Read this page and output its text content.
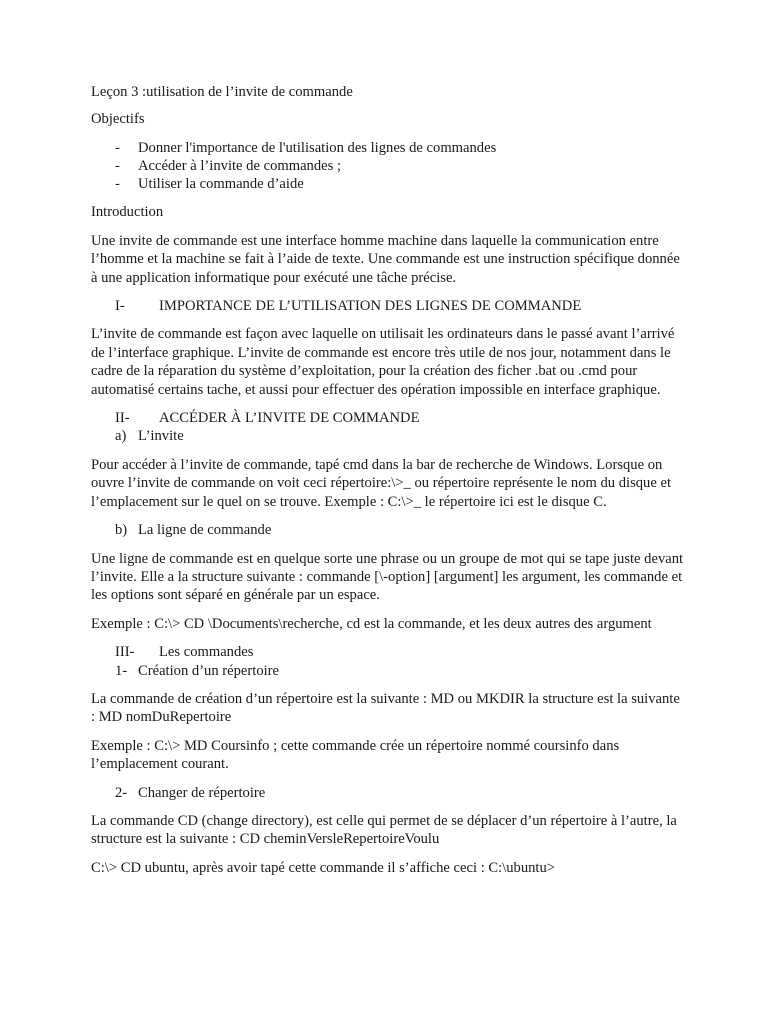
Leçon 3 :utilisation de l’invite de commande

Objectifs

- Donner l'importance de l'utilisation des lignes de commandes
- Accéder à l’invite de commandes ;
- Utiliser la commande d’aide

Introduction

Une invite de commande est une interface homme machine dans laquelle la communication entre l’homme et la machine se fait à l’aide de texte. Une commande est une instruction spécifique donnée à une application informatique pour exécuté une tâche précise.

I- IMPORTANCE DE L’UTILISATION DES LIGNES DE COMMANDE

L’invite de commande est façon avec laquelle on utilisait les ordinateurs dans le passé avant l’arrivé de l’interface graphique. L’invite de commande est encore très utile de nos jour, notamment dans le cadre de la réparation du système d’exploitation, pour la création des ficher .bat ou .cmd pour automatisé certains tache, et aussi pour effectuer des opération impossible en interface graphique.

II- ACCÉDER À L’INVITE DE COMMANDE

a) L’invite

Pour accéder à l’invite de commande, tapé cmd dans la bar de recherche de Windows. Lorsque on ouvre l’invite de commande on voit ceci répertoire:\>_ ou répertoire représente le nom du disque et l’emplacement sur le quel on se trouve. Exemple : C:\>_ le répertoire ici est le disque C.

b) La ligne de commande

Une ligne de commande est en quelque sorte une phrase ou un groupe de mot qui se tape juste devant l’invite. Elle a la structure suivante : commande [\-option] [argument] les argument, les commande et les options sont séparé en générale par un espace.

Exemple : C:\> CD \Documents\recherche, cd est la commande, et les deux autres des argument

III- Les commandes

1- Création d’un répertoire

La commande de création d’un répertoire est la suivante : MD ou MKDIR la structure est la suivante : MD nomDuRepertoire

Exemple : C:\> MD Coursinfo ; cette commande crée un répertoire nommé coursinfo dans l’emplacement courant.

2- Changer de répertoire

La commande CD (change directory), est celle qui permet de se déplacer d’un répertoire à l’autre, la structure est la suivante : CD cheminVersleRepertoireVoulu

C:\> CD ubuntu, après avoir tapé cette commande il s’affiche ceci : C:\ubuntu>
